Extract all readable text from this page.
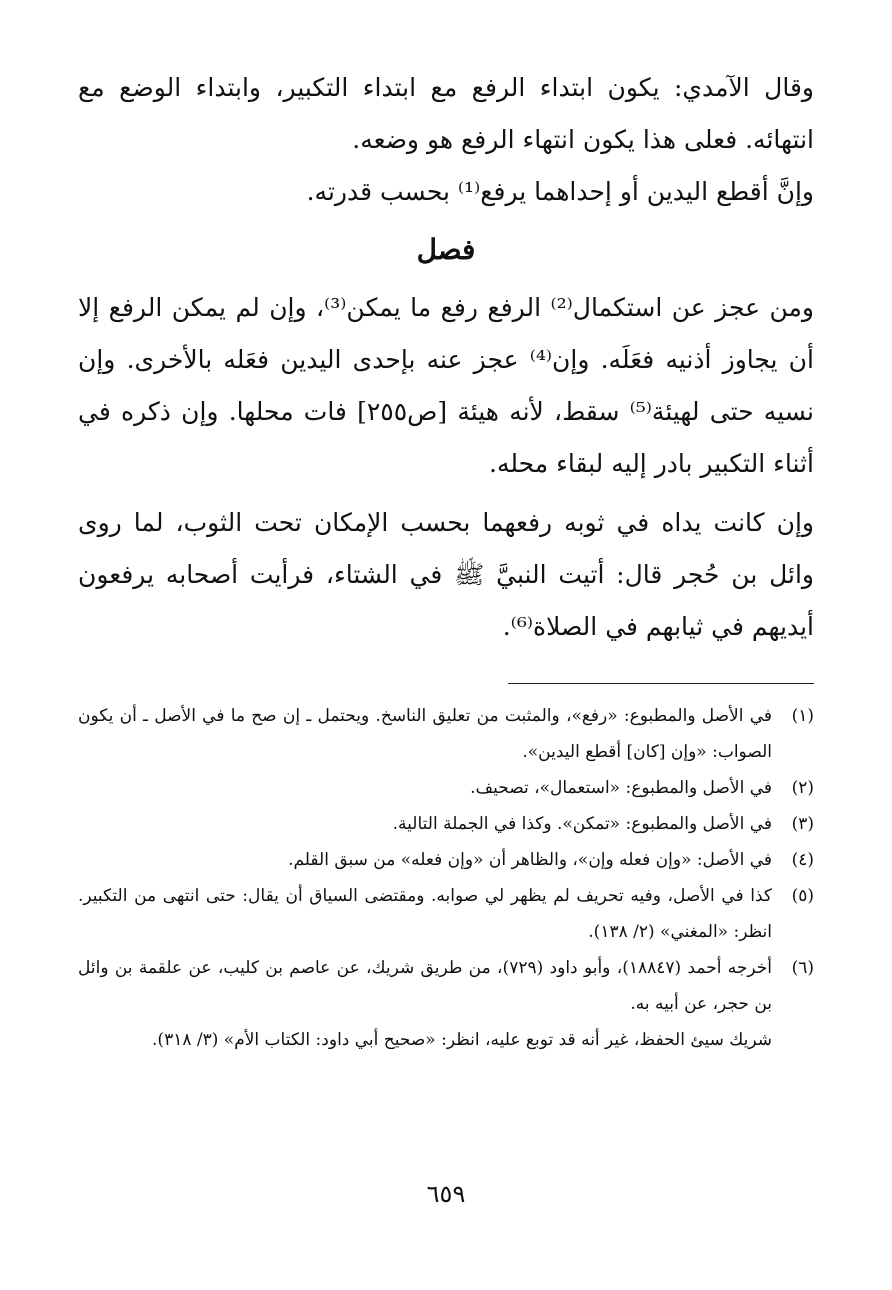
وقال الآمدي: يكون ابتداء الرفع مع ابتداء التكبير، وابتداء الوضع مع انتهائه. فعلى هذا يكون انتهاء الرفع هو وضعه.

وإنَّ أقطع اليدين أو إحداهما يرفع⁽¹⁾ بحسب قدرته.

فصل

ومن عجز عن استكمال⁽²⁾ الرفع رفع ما يمكن⁽³⁾، وإن لم يمكن الرفع إلا أن يجاوز أذنيه فعَلَه. وإن⁽⁴⁾ عجز عنه بإحدى اليدين فعَله بالأخرى. وإن نسيه حتى لهيئة⁽⁵⁾ سقط، لأنه هيئة [ص٢٥٥] فات محلها. وإن ذكره في أثناء التكبير بادر إليه لبقاء محله.

وإن كانت يداه في ثوبه رفعهما بحسب الإمكان تحت الثوب، لما روى وائل بن حُجر قال: أتيت النبيَّ ﷺ في الشتاء، فرأيت أصحابه يرفعون أيديهم في ثيابهم في الصلاة⁽⁶⁾.

(١)
في الأصل والمطبوع: «رفع»، والمثبت من تعليق الناسخ. ويحتمل ـ إن صح ما في الأصل ـ أن يكون الصواب: «وإن [كان] أقطع اليدين».
(٢)
في الأصل والمطبوع: «استعمال»، تصحيف.
(٣)
في الأصل والمطبوع: «تمكن». وكذا في الجملة التالية.
(٤)
في الأصل: «وإن فعله وإن»، والظاهر أن «وإن فعله» من سبق القلم.
(٥)
كذا في الأصل، وفيه تحريف لم يظهر لي صوابه. ومقتضى السياق أن يقال: حتى انتهى من التكبير. انظر: «المغني» (٢/ ١٣٨).
(٦)
أخرجه أحمد (١٨٨٤٧)، وأبو داود (٧٢٩)، من طريق شريك، عن عاصم بن كليب، عن علقمة بن وائل بن حجر، عن أبيه به.
شريك سيئ الحفظ، غير أنه قد توبع عليه، انظر: «صحيح أبي داود: الكتاب الأم» (٣/ ٣١٨).
٦٥٩
